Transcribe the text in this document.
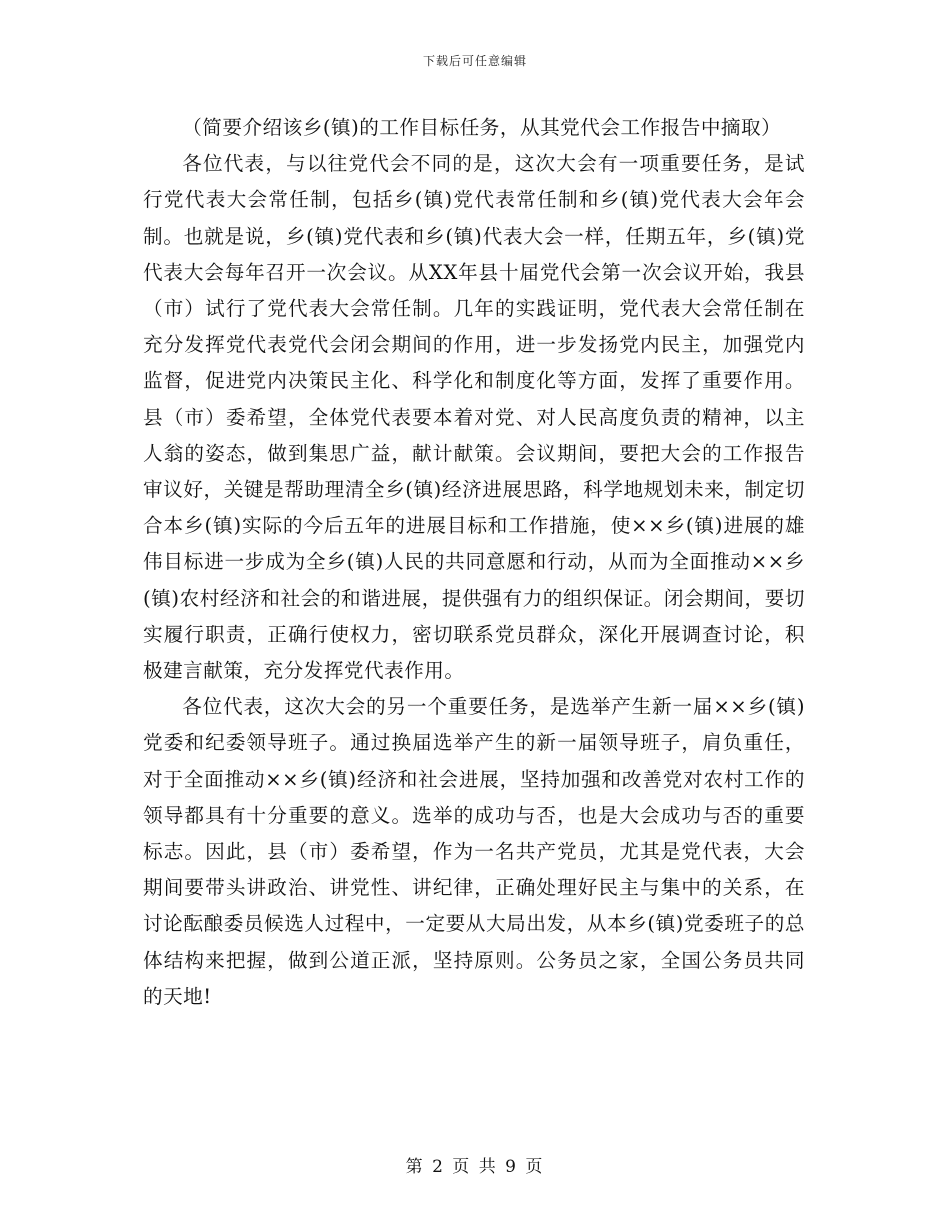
下载后可任意编辑

（简要介绍该乡(镇)的工作目标任务，从其党代会工作报告中摘取）

各位代表，与以往党代会不同的是，这次大会有一项重要任务，是试行党代表大会常任制，包括乡(镇)党代表常任制和乡(镇)党代表大会年会制。也就是说，乡(镇)党代表和乡(镇)代表大会一样，任期五年，乡(镇)党代表大会每年召开一次会议。从XX年县十届党代会第一次会议开始，我县（市）试行了党代表大会常任制。几年的实践证明，党代表大会常任制在充分发挥党代表党代会闭会期间的作用，进一步发扬党内民主，加强党内监督，促进党内决策民主化、科学化和制度化等方面，发挥了重要作用。县（市）委希望，全体党代表要本着对党、对人民高度负责的精神，以主人翁的姿态，做到集思广益，献计献策。会议期间，要把大会的工作报告审议好，关键是帮助理清全乡(镇)经济进展思路，科学地规划未来，制定切合本乡(镇)实际的今后五年的进展目标和工作措施，使××乡(镇)进展的雄伟目标进一步成为全乡(镇)人民的共同意愿和行动，从而为全面推动××乡(镇)农村经济和社会的和谐进展，提供强有力的组织保证。闭会期间，要切实履行职责，正确行使权力，密切联系党员群众，深化开展调查讨论，积极建言献策，充分发挥党代表作用。

各位代表，这次大会的另一个重要任务，是选举产生新一届××乡(镇)党委和纪委领导班子。通过换届选举产生的新一届领导班子，肩负重任，对于全面推动××乡(镇)经济和社会进展，坚持加强和改善党对农村工作的领导都具有十分重要的意义。选举的成功与否，也是大会成功与否的重要标志。因此，县（市）委希望，作为一名共产党员，尤其是党代表，大会期间要带头讲政治、讲党性、讲纪律，正确处理好民主与集中的关系，在讨论酝酿委员候选人过程中，一定要从大局出发，从本乡(镇)党委班子的总体结构来把握，做到公道正派，坚持原则。公务员之家，全国公务员共同的天地!

第 2 页 共 9 页
